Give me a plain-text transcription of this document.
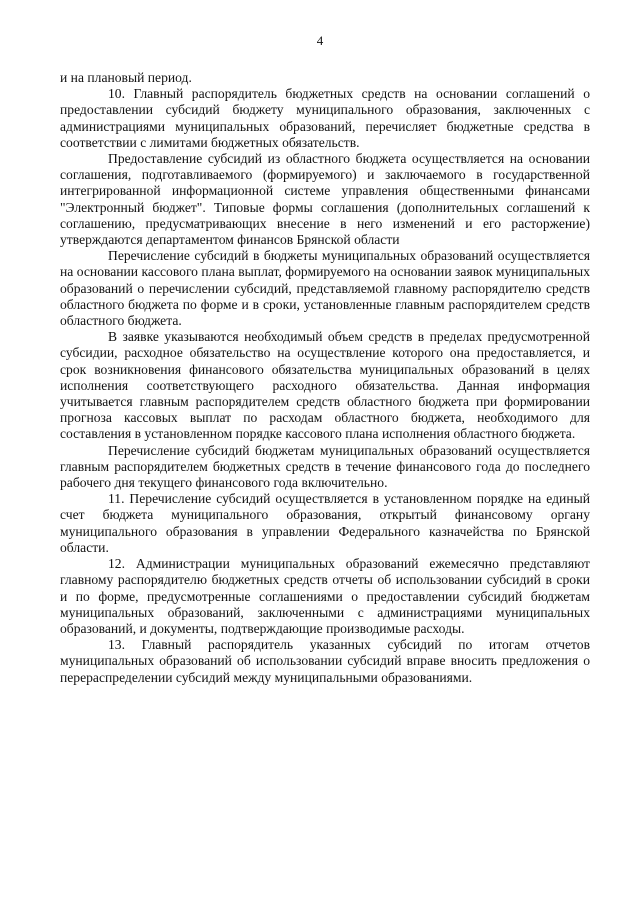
4

и на плановый период.

10. Главный распорядитель бюджетных средств на основании соглашений о предоставлении субсидий бюджету муниципального образования, заключенных с администрациями муниципальных образований, перечисляет бюджетные средства в соответствии с лимитами бюджетных обязательств.

Предоставление субсидий из областного бюджета осуществляется на основании соглашения, подготавливаемого (формируемого) и заключаемого в государственной интегрированной информационной системе управления общественными финансами "Электронный бюджет". Типовые формы соглашения (дополнительных соглашений к соглашению, предусматривающих внесение в него изменений и его расторжение) утверждаются департаментом финансов Брянской области

Перечисление субсидий в бюджеты муниципальных образований осуществляется на основании кассового плана выплат, формируемого на основании заявок муниципальных образований о перечислении субсидий, представляемой главному распорядителю средств областного бюджета по форме и в сроки, установленные главным распорядителем средств областного бюджета.

В заявке указываются необходимый объем средств в пределах предусмотренной субсидии, расходное обязательство на осуществление которого она предоставляется, и срок возникновения финансового обязательства муниципальных образований в целях исполнения соответствующего расходного обязательства. Данная информация учитывается главным распорядителем средств областного бюджета при формировании прогноза кассовых выплат по расходам областного бюджета, необходимого для составления в установленном порядке кассового плана исполнения областного бюджета.

Перечисление субсидий бюджетам муниципальных образований осуществляется главным распорядителем бюджетных средств в течение финансового года до последнего рабочего дня текущего финансового года включительно.

11. Перечисление субсидий осуществляется в установленном порядке на единый счет бюджета муниципального образования, открытый финансовому органу муниципального образования в управлении Федерального казначейства по Брянской области.

12. Администрации муниципальных образований ежемесячно представляют главному распорядителю бюджетных средств отчеты об использовании субсидий в сроки и по форме, предусмотренные соглашениями о предоставлении субсидий бюджетам муниципальных образований, заключенными с администрациями муниципальных образований, и документы, подтверждающие производимые расходы.

13. Главный распорядитель указанных субсидий по итогам отчетов муниципальных образований об использовании субсидий вправе вносить предложения о перераспределении субсидий между муниципальными образованиями.
